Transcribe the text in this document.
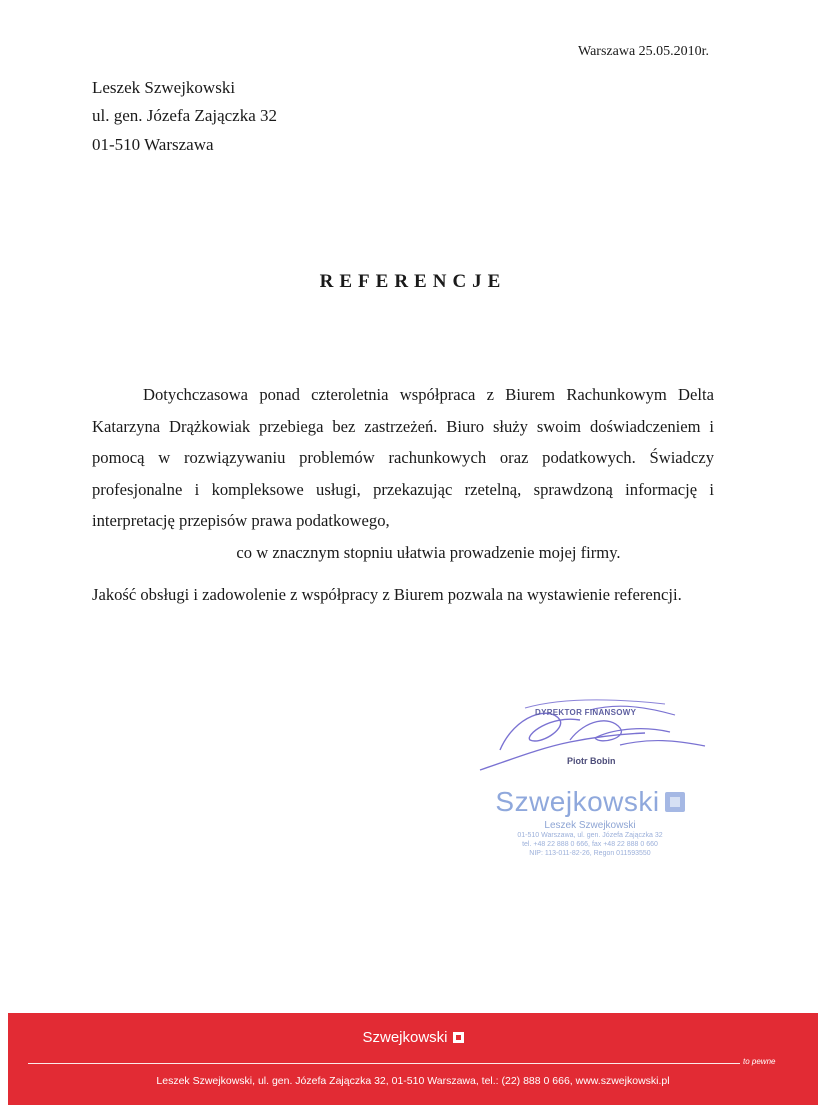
Warszawa 25.05.2010r.
Leszek Szwejkowski
ul. gen. Józefa Zajączka 32
01-510 Warszawa
REFERENCJE

Dotychczasowa ponad czteroletnia współpraca z Biurem Rachunkowym Delta Katarzyna Drążkowiak przebiega bez zastrzeżeń. Biuro służy swoim doświadczeniem i pomocą w rozwiązywaniu problemów rachunkowych oraz podatkowych. Świadczy profesjonalne i kompleksowe usługi, przekazując rzetelną, sprawdzoną informację i interpretację przepisów prawa podatkowego,
co w znacznym stopniu ułatwia prowadzenie mojej firmy.

Jakość obsługi i zadowolenie z współpracy z Biurem pozwala na wystawienie referencji.

DYREKTOR FINANSOWY
Piotr Bobin
Szwejkowski
Leszek Szwejkowski
01-510 Warszawa, ul. gen. Józefa Zajączka 32
tel. +48 22 888 0 666, fax +48 22 888 0 660
NIP: 113-011-82-26, Regon 011593550
Szwejkowski
to pewne
Leszek Szwejkowski, ul. gen. Józefa Zajączka 32, 01-510 Warszawa, tel.: (22) 888 0 666, www.szwejkowski.pl
